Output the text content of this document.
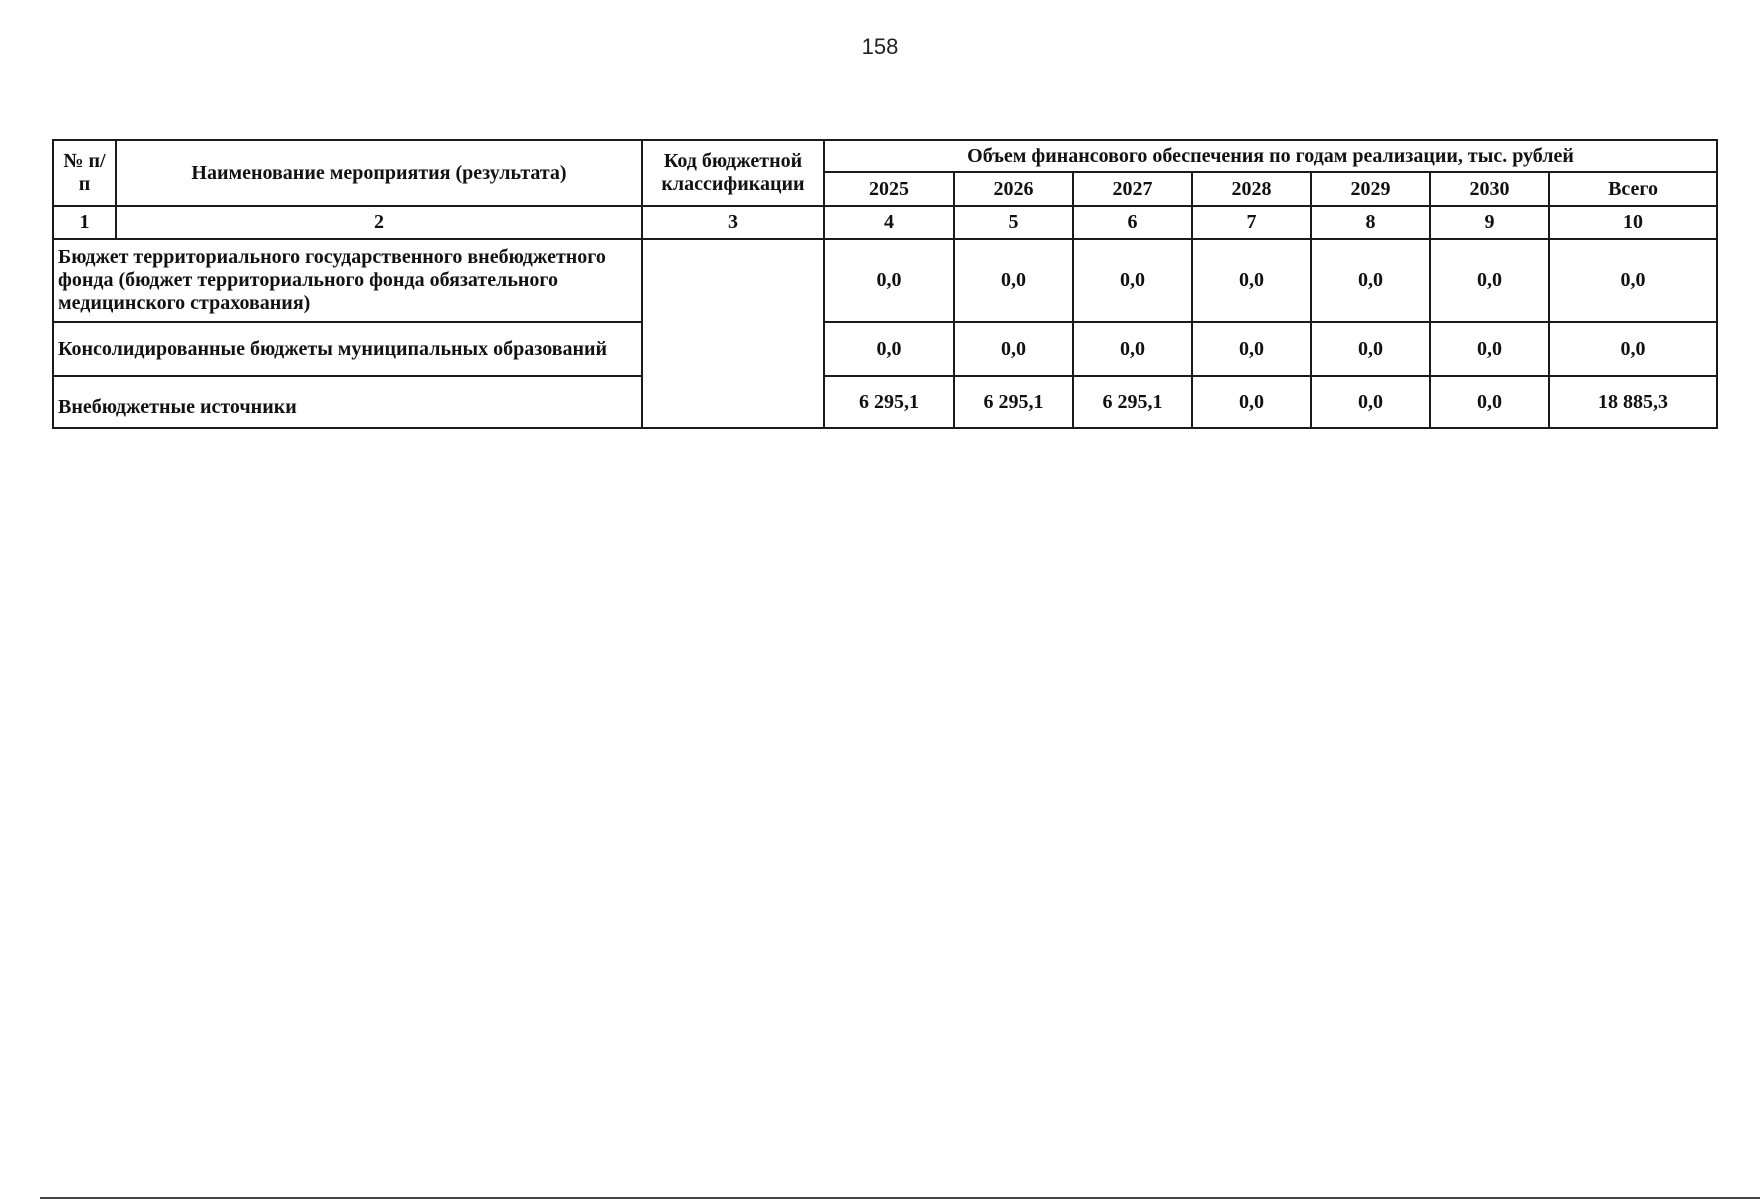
158
№ п/п	Наименование мероприятия (результата)	Код бюджетной классификации	Объем финансового обеспечения по годам реализации, тыс. рублей						
			2025	2026	2027	2028	2029	2030	Всего
1	2	3	4	5	6	7	8	9	10
Бюджет территориального государственного внебюджетного фонда (бюджет территориального фонда обязательного медицинского страхования)			0,0	0,0	0,0	0,0	0,0	0,0	0,0
Консолидированные бюджеты муниципальных образований			0,0	0,0	0,0	0,0	0,0	0,0	0,0
Внебюджетные источники			6 295,1	6 295,1	6 295,1	0,0	0,0	0,0	18 885,3
